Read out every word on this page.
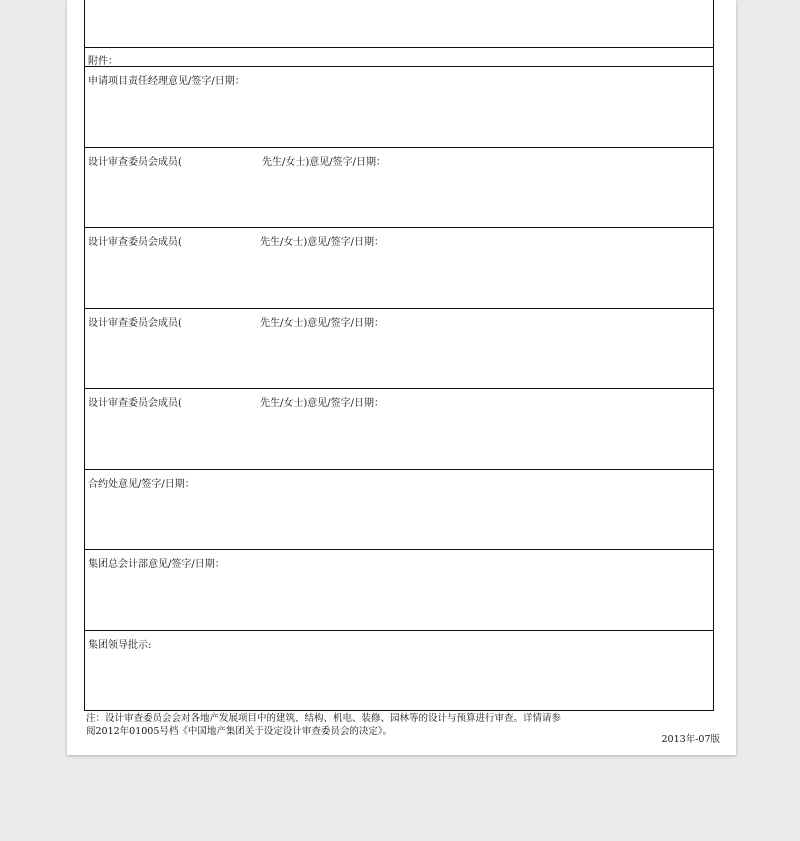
附件：
申请项目责任经理意见/签字/日期：
设计审查委员会成员(	先生/女士)意见/签字/日期：
设计审查委员会成员(	先生/女士)意见/签字/日期：
设计审查委员会成员(	先生/女士)意见/签字/日期：
设计审查委员会成员(	先生/女士)意见/签字/日期：
合约处意见/签字/日期：
集团总会计部意见/签字/日期：
集团领导批示:
注：设计审查委员会会对各地产发展项目中的建筑、结构、机电、装修、园林等的设计与预算进行审查。详情请参
阅2012年01005号档《中国地产集团关于设定设计审查委员会的决定》。
2013年-07版
